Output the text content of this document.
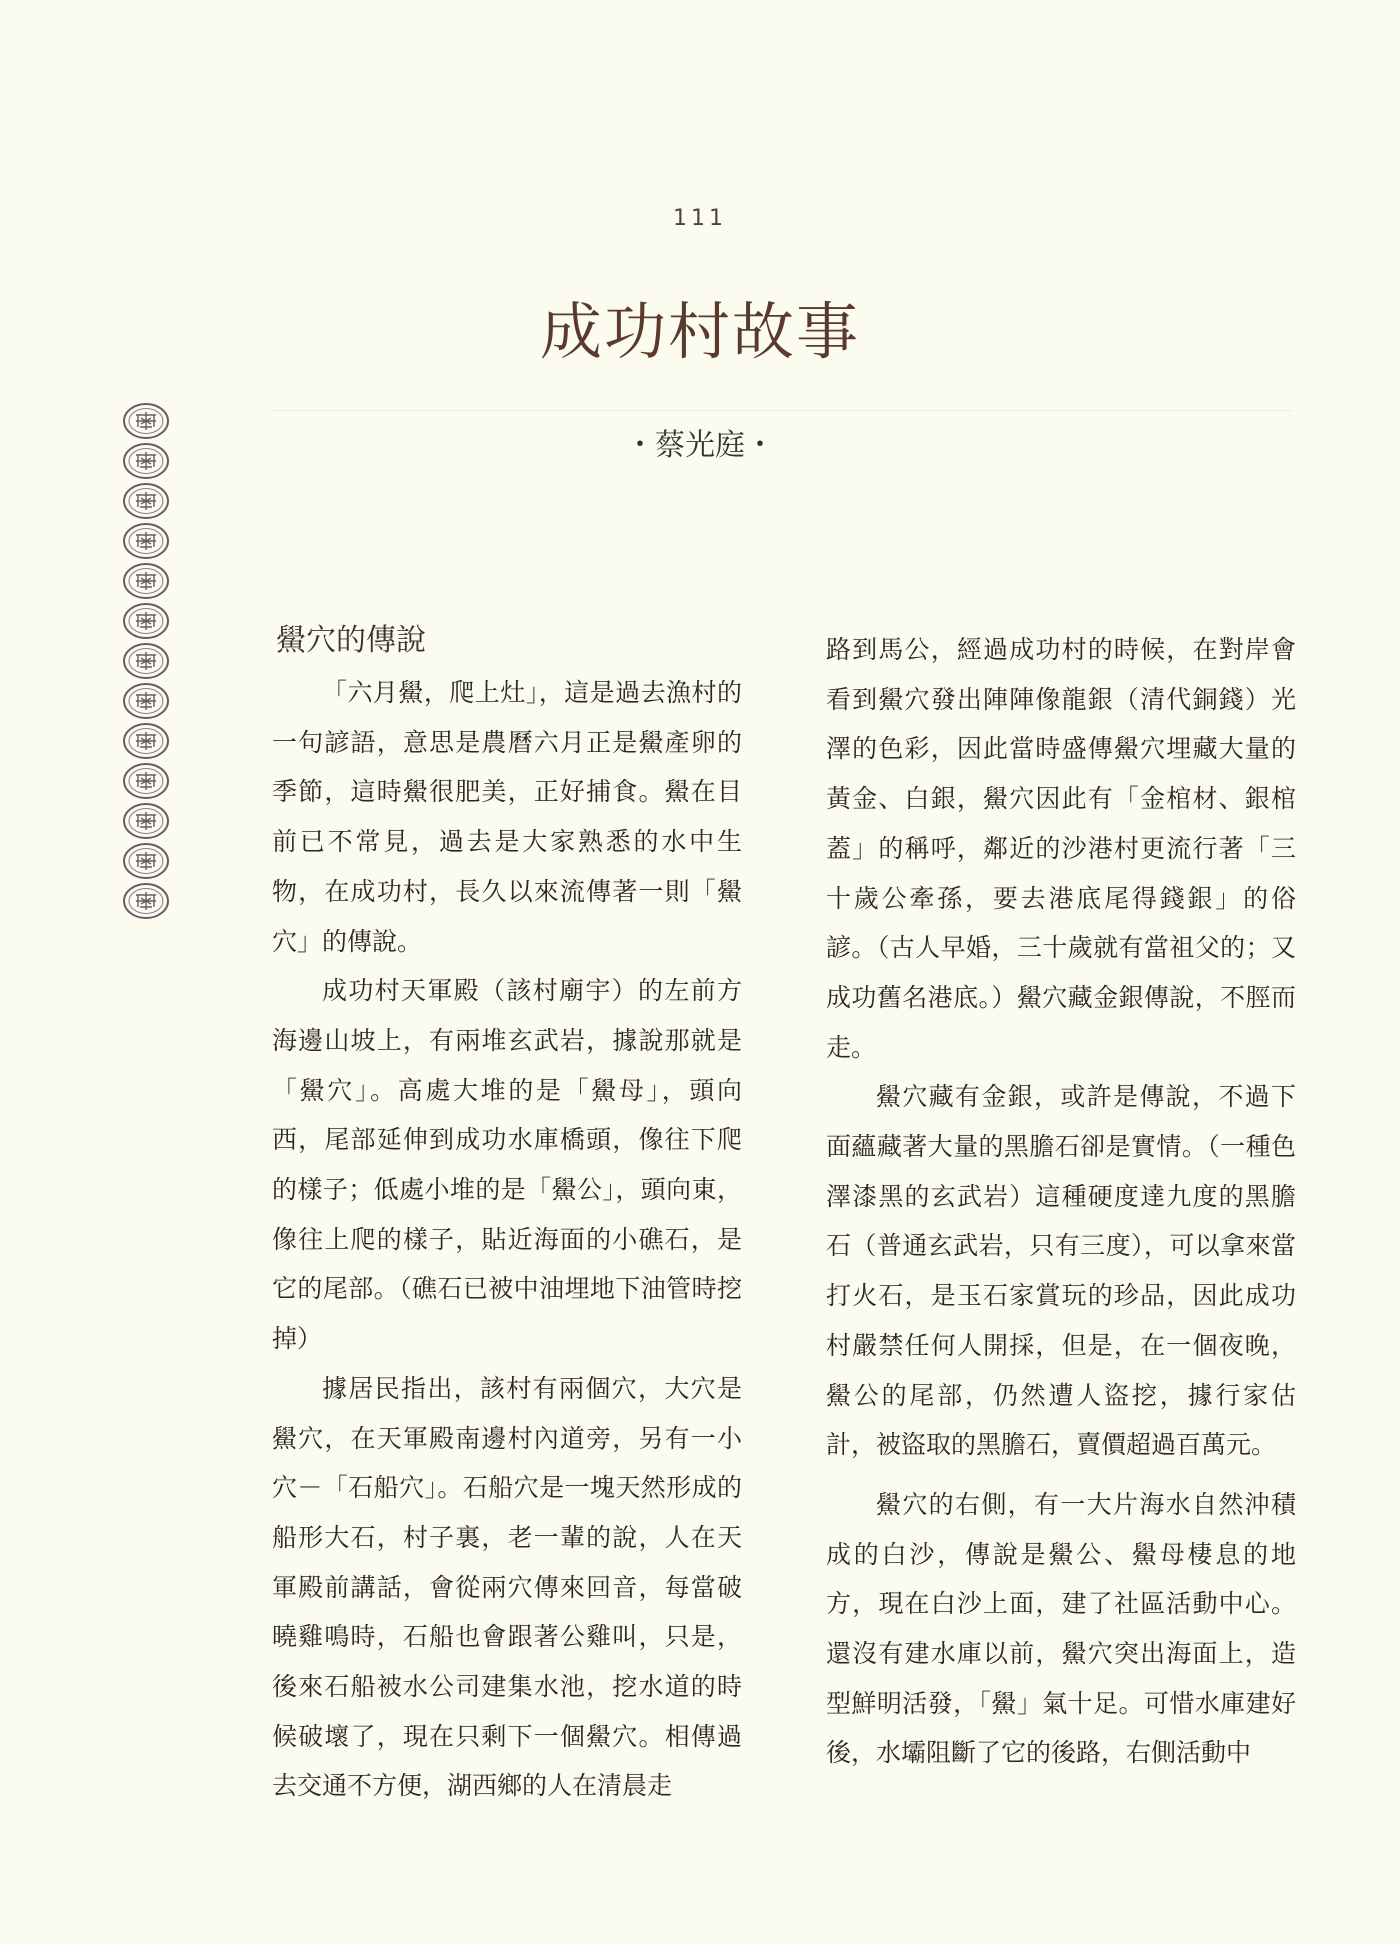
111
成功村故事
・蔡光庭・
鱟穴的傳說

「六月鱟，爬上灶」，這是過去漁村的一句諺語，意思是農曆六月正是鱟產卵的季節，這時鱟很肥美，正好捕食。鱟在目前已不常見，過去是大家熟悉的水中生物，在成功村，長久以來流傳著一則「鱟穴」的傳說。

成功村天軍殿（該村廟宇）的左前方海邊山坡上，有兩堆玄武岩，據說那就是「鱟穴」。高處大堆的是「鱟母」，頭向西，尾部延伸到成功水庫橋頭，像往下爬的樣子；低處小堆的是「鱟公」，頭向東，像往上爬的樣子，貼近海面的小礁石，是它的尾部。（礁石已被中油埋地下油管時挖掉）

據居民指出，該村有兩個穴，大穴是鱟穴，在天軍殿南邊村內道旁，另有一小穴－「石船穴」。石船穴是一塊天然形成的船形大石，村子裏，老一輩的說，人在天軍殿前講話，會從兩穴傳來回音，每當破曉雞鳴時，石船也會跟著公雞叫，只是，後來石船被水公司建集水池，挖水道的時候破壞了，現在只剩下一個鱟穴。相傳過去交通不方便，湖西鄉的人在清晨走

路到馬公，經過成功村的時候，在對岸會看到鱟穴發出陣陣像龍銀（清代銅錢）光澤的色彩，因此當時盛傳鱟穴埋藏大量的黃金、白銀，鱟穴因此有「金棺材、銀棺蓋」的稱呼，鄰近的沙港村更流行著「三十歲公牽孫，要去港底尾得錢銀」的俗諺。（古人早婚，三十歲就有當祖父的；又成功舊名港底。）鱟穴藏金銀傳說，不脛而走。

鱟穴藏有金銀，或許是傳說，不過下面蘊藏著大量的黑膽石卻是實情。（一種色澤漆黑的玄武岩）這種硬度達九度的黑膽石（普通玄武岩，只有三度），可以拿來當打火石，是玉石家賞玩的珍品，因此成功村嚴禁任何人開採，但是，在一個夜晚，鱟公的尾部，仍然遭人盜挖，據行家估計，被盜取的黑膽石，賣價超過百萬元。

鱟穴的右側，有一大片海水自然沖積成的白沙，傳說是鱟公、鱟母棲息的地方，現在白沙上面，建了社區活動中心。還沒有建水庫以前，鱟穴突出海面上，造型鮮明活發，「鱟」氣十足。可惜水庫建好後，水壩阻斷了它的後路，右側活動中
